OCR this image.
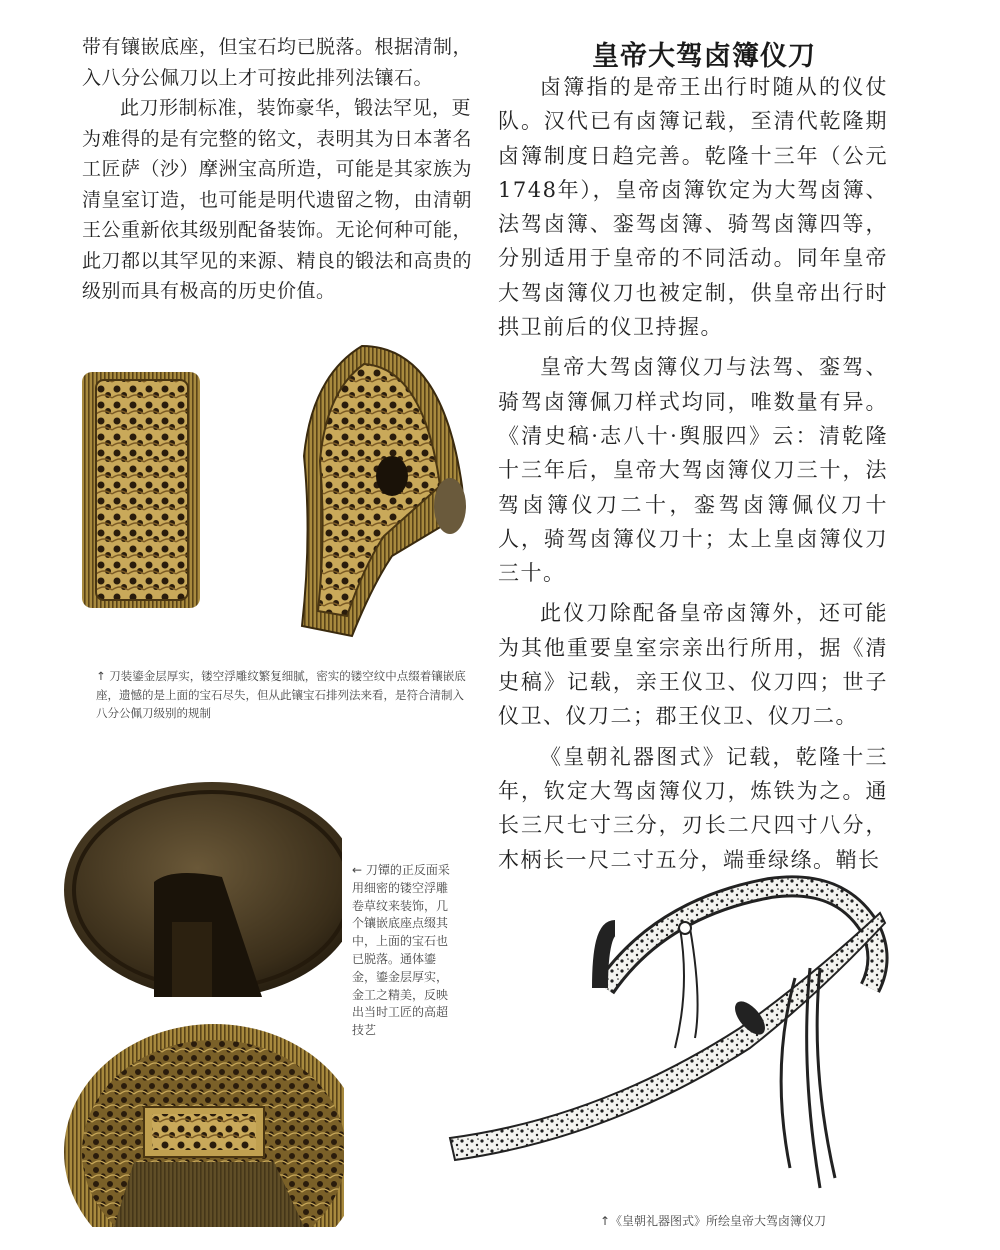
带有镶嵌底座，但宝石均已脱落。根据清制，入八分公佩刀以上才可按此排列法镶石。

此刀形制标准，装饰豪华，锻法罕见，更为难得的是有完整的铭文，表明其为日本著名工匠萨（沙）摩洲宝高所造，可能是其家族为清皇室订造，也可能是明代遗留之物，由清朝王公重新依其级别配备装饰。无论何种可能，此刀都以其罕见的来源、精良的锻法和高贵的级别而具有极高的历史价值。

皇帝大驾卤簿仪刀

卤簿指的是帝王出行时随从的仪仗队。汉代已有卤簿记载，至清代乾隆期卤簿制度日趋完善。乾隆十三年（公元1748年），皇帝卤簿钦定为大驾卤簿、法驾卤簿、銮驾卤簿、骑驾卤簿四等，分别适用于皇帝的不同活动。同年皇帝大驾卤簿仪刀也被定制，供皇帝出行时拱卫前后的仪卫持握。

皇帝大驾卤簿仪刀与法驾、銮驾、骑驾卤簿佩刀样式均同，唯数量有异。《清史稿·志八十·舆服四》云：清乾隆十三年后，皇帝大驾卤簿仪刀三十，法驾卤簿仪刀二十，銮驾卤簿佩仪刀十人，骑驾卤簿仪刀十；太上皇卤簿仪刀三十。

此仪刀除配备皇帝卤簿外，还可能为其他重要皇室宗亲出行所用，据《清史稿》记载，亲王仪卫、仪刀四；世子仪卫、仪刀二；郡王仪卫、仪刀二。

《皇朝礼器图式》记载，乾隆十三年，钦定大驾卤簿仪刀，炼铁为之。通长三尺七寸三分，刃长二尺四寸八分，木柄长一尺二寸五分，端垂绿绦。鞘长

↑ 刀装鎏金层厚实，镂空浮雕纹繁复细腻，密实的镂空纹中点缀着镶嵌底座，遗憾的是上面的宝石尽失，但从此镶宝石排列法来看，是符合清制入八分公佩刀级别的规制
← 刀镡的正反面采用细密的镂空浮雕卷草纹来装饰，几个镶嵌底座点缀其中，上面的宝石也已脱落。通体鎏金，鎏金层厚实，金工之精美，反映出当时工匠的高超技艺
↑《皇朝礼器图式》所绘皇帝大驾卤簿仪刀
